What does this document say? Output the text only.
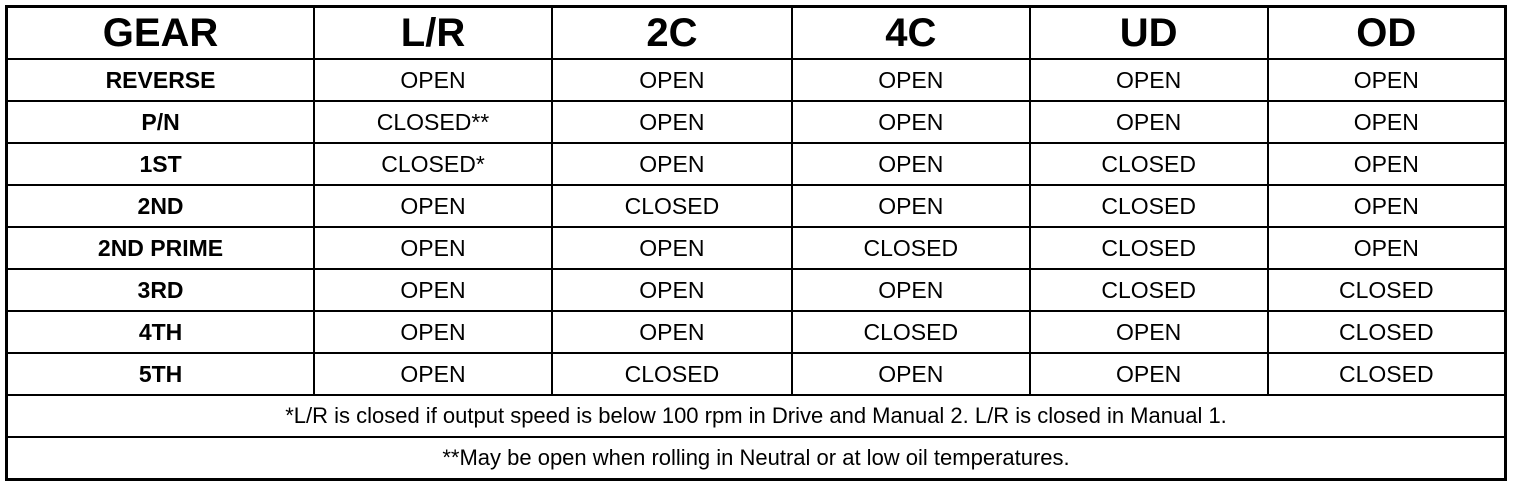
GEAR	L/R	2C	4C	UD	OD
REVERSE	OPEN	OPEN	OPEN	OPEN	OPEN
P/N	CLOSED**	OPEN	OPEN	OPEN	OPEN
1ST	CLOSED*	OPEN	OPEN	CLOSED	OPEN
2ND	OPEN	CLOSED	OPEN	CLOSED	OPEN
2ND PRIME	OPEN	OPEN	CLOSED	CLOSED	OPEN
3RD	OPEN	OPEN	OPEN	CLOSED	CLOSED
4TH	OPEN	OPEN	CLOSED	OPEN	CLOSED
5TH	OPEN	CLOSED	OPEN	OPEN	CLOSED
*L/R is closed if output speed is below 100 rpm in Drive and Manual 2. L/R is closed in Manual 1.					
**May be open when rolling in Neutral or at low oil temperatures.					
